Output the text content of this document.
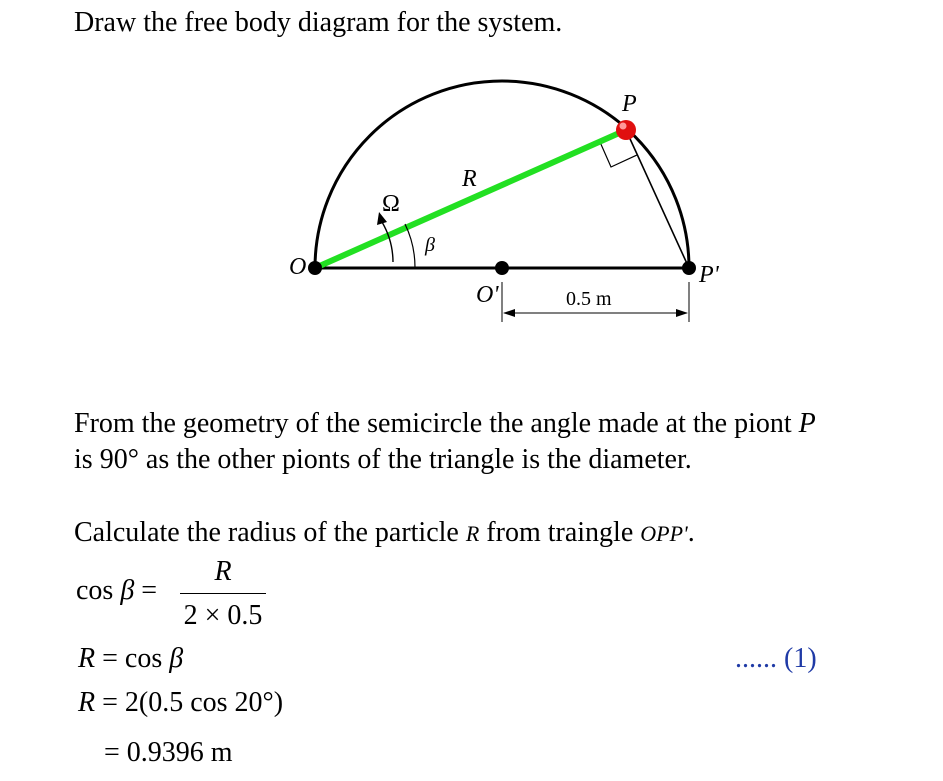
Draw the free body diagram for the system.
P
O
O'
P'
R
Ω
β
0.5 m
From the geometry of the semicircle the angle made at the piont P
is 90° as the other pionts of the triangle is the diameter.
Calculate the radius of the particle R from traingle OPP'.
cos β =
R
2 × 0.5
R = cos β	...... (1)
R = 2(0.5 cos 20°)
= 0.9396 m
